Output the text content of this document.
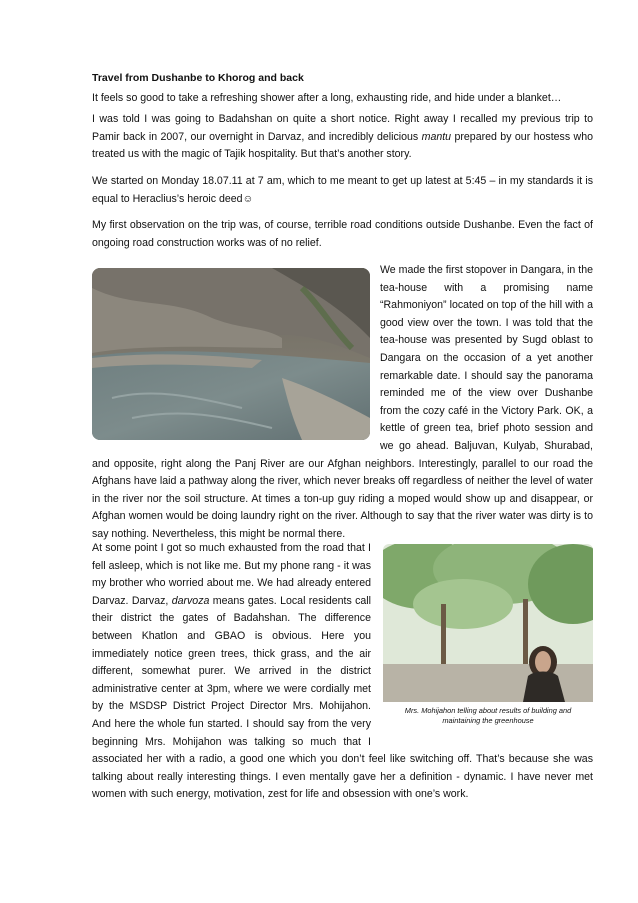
Travel from Dushanbe to Khorog and back

It feels so good to take a refreshing shower after a long, exhausting ride, and hide under a blanket…

I was told I was going to Badahshan on quite a short notice. Right away I recalled my previous trip to Pamir back in 2007, our overnight in Darvaz, and incredibly delicious mantu prepared by our hostess who treated us with the magic of Tajik hospitality. But that’s another story.

We started on Monday 18.07.11 at 7 am, which to me meant to get up latest at 5:45 – in my standards it is equal to Heraclius’s heroic deed☺

My first observation on the trip was, of course, terrible road conditions outside Dushanbe. Even the fact of ongoing road construction works was of no relief.

We made the first stopover in Dangara, in the tea-house with a promising name “Rahmoniyon” located on top of the hill with a good view over the town. I was told that the tea-house was presented by Sugd oblast to Dangara on the occasion of a yet another remarkable date. I should say the panorama reminded me of the view over Dushanbe from the cozy café in the Victory Park. OK, a kettle of green tea, brief photo session and we go ahead. Baljuvan, Kulyab, Shurabad, and opposite, right along the Panj River are our Afghan neighbors. Interestingly, parallel to our road the Afghans have laid a pathway along the river, which never breaks off regardless of neither the level of water in the river nor the soil structure. At times a ton-up guy riding a moped would show up and disappear, or Afghan women would be doing laundry right on the river. Although to say that the river water was dirty is to say nothing. Nevertheless, this might be normal there.

Mrs. Mohijahon telling about results of building and
maintaining the greenhouse

At some point I got so much exhausted from the road that I fell asleep, which is not like me. But my phone rang - it was my brother who worried about me. We had already entered Darvaz. Darvaz, darvoza means gates. Local residents call their district the gates of Badahshan. The difference between Khatlon and GBAO is obvious. Here you immediately notice green trees, thick grass, and the air different, somewhat purer. We arrived in the district administrative center at 3pm, where we were cordially met by the MSDSP District Project Director Mrs. Mohijahon. And here the whole fun started. I should say from the very beginning Mrs. Mohijahon was talking so much that I associated her with a radio, a good one which you don’t feel like switching off. That’s because she was talking about really interesting things. I even mentally gave her a definition - dynamic. I have never met women with such energy, motivation, zest for life and obsession with one’s work.
